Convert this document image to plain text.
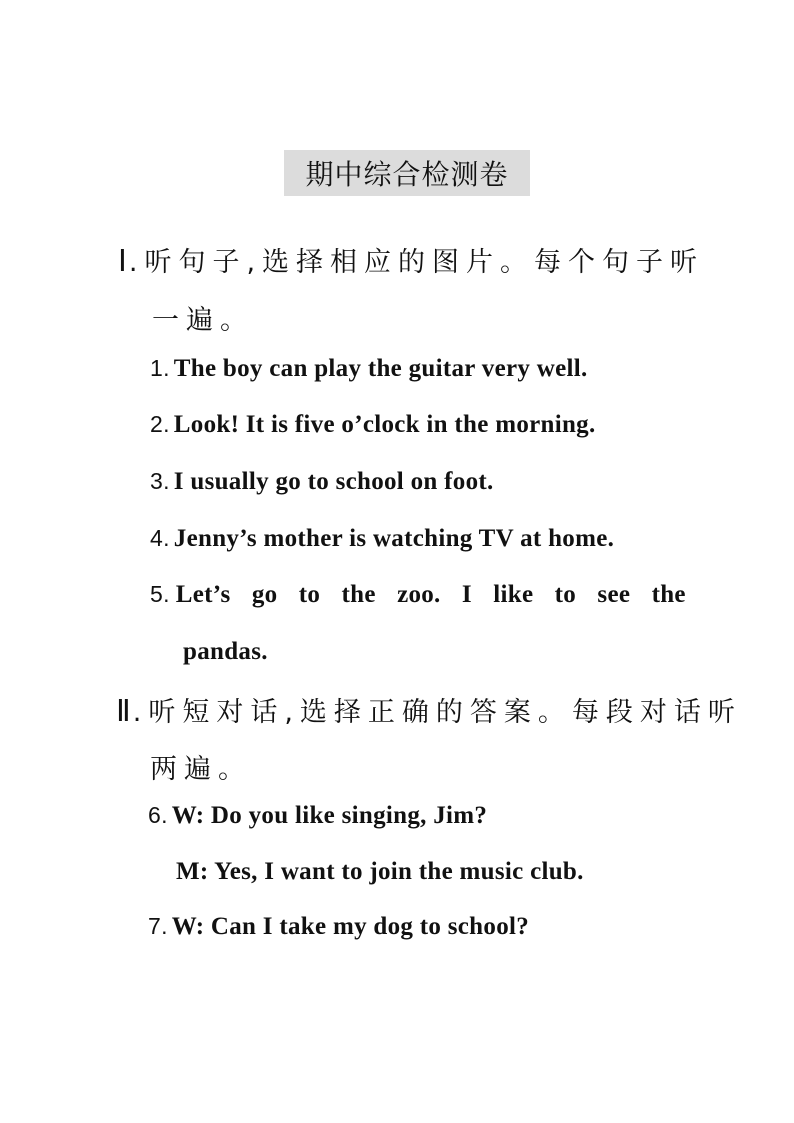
期中综合检测卷
Ⅰ.听句子,选择相应的图片。每个句子听
一遍。
1. The boy can play the guitar very well.
2. Look! It is five o’clock in the morning.
3. I usually go to school on foot.
4. Jenny’s mother is watching TV at home.
5. Let’s go to the zoo. I like to see the
pandas.
Ⅱ.听短对话,选择正确的答案。每段对话听
两遍。
6. W: Do you like singing, Jim?
M: Yes, I want to join the music club.
7. W: Can I take my dog to school?
